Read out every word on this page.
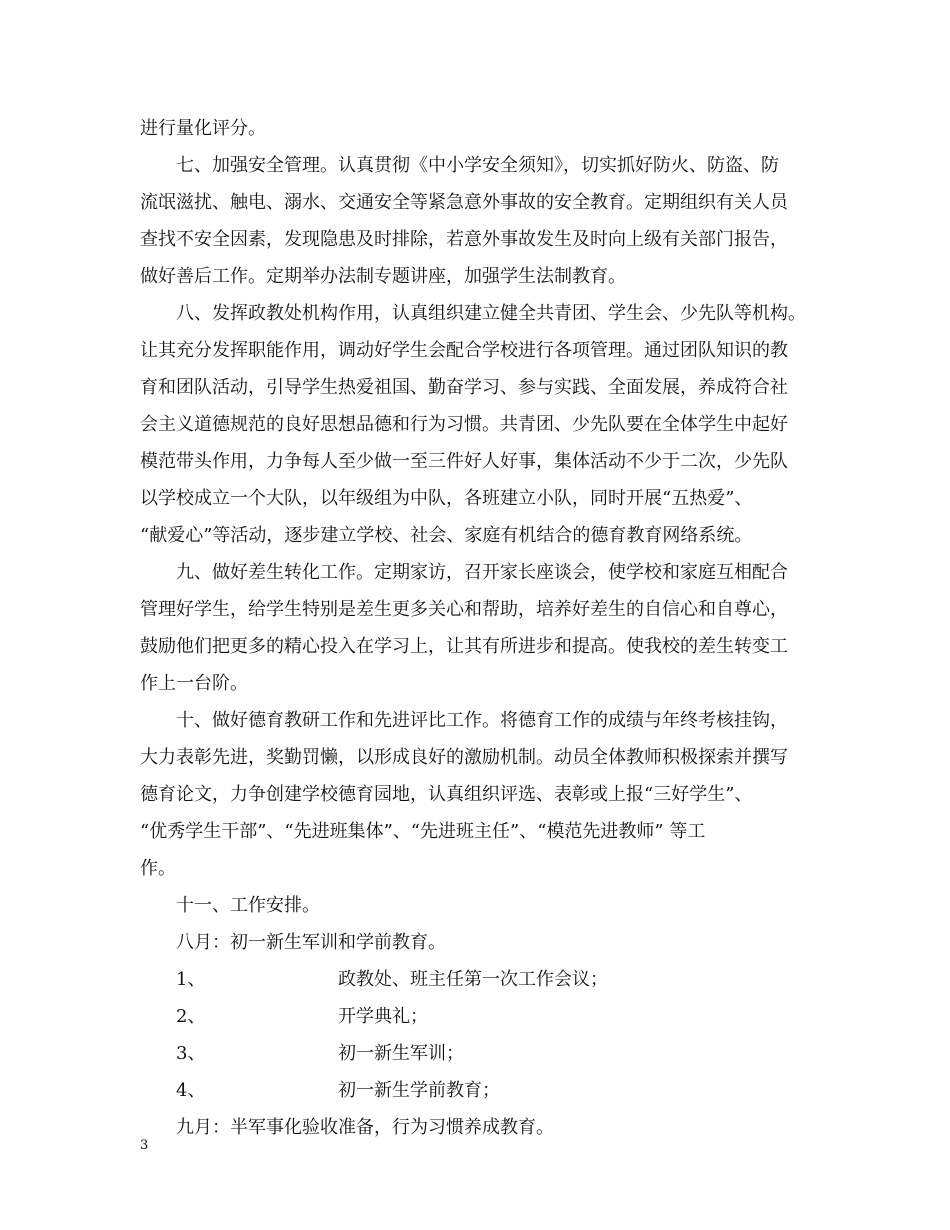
进行量化评分。
七、加强安全管理。认真贯彻《中小学安全须知》，切实抓好防火、防盗、防
流氓滋扰、触电、溺水、交通安全等紧急意外事故的安全教育。定期组织有关人员
查找不安全因素，发现隐患及时排除，若意外事故发生及时向上级有关部门报告，
做好善后工作。定期举办法制专题讲座，加强学生法制教育。
八、发挥政教处机构作用，认真组织建立健全共青团、学生会、少先队等机构。
让其充分发挥职能作用，调动好学生会配合学校进行各项管理。通过团队知识的教
育和团队活动，引导学生热爱祖国、勤奋学习、参与实践、全面发展，养成符合社
会主义道德规范的良好思想品德和行为习惯。共青团、少先队要在全体学生中起好
模范带头作用，力争每人至少做一至三件好人好事，集体活动不少于二次，少先队
以学校成立一个大队，以年级组为中队，各班建立小队，同时开展“五热爱”、
“献爱心”等活动，逐步建立学校、社会、家庭有机结合的德育教育网络系统。
九、做好差生转化工作。定期家访，召开家长座谈会，使学校和家庭互相配合
管理好学生，给学生特别是差生更多关心和帮助，培养好差生的自信心和自尊心，
鼓励他们把更多的精心投入在学习上，让其有所进步和提高。使我校的差生转变工
作上一台阶。
十、做好德育教研工作和先进评比工作。将德育工作的成绩与年终考核挂钩，
大力表彰先进，奖勤罚懒，以形成良好的激励机制。动员全体教师积极探索并撰写
德育论文，力争创建学校德育园地，认真组织评选、表彰或上报“三好学生”、
“优秀学生干部”、“先进班集体”、“先进班主任”、“模范先进教师” 等工
作。
十一、工作安排。
八月：初一新生军训和学前教育。
1、	政教处、班主任第一次工作会议；
2、	开学典礼；
3、	初一新生军训；
4、	初一新生学前教育；
九月：半军事化验收准备，行为习惯养成教育。
3
